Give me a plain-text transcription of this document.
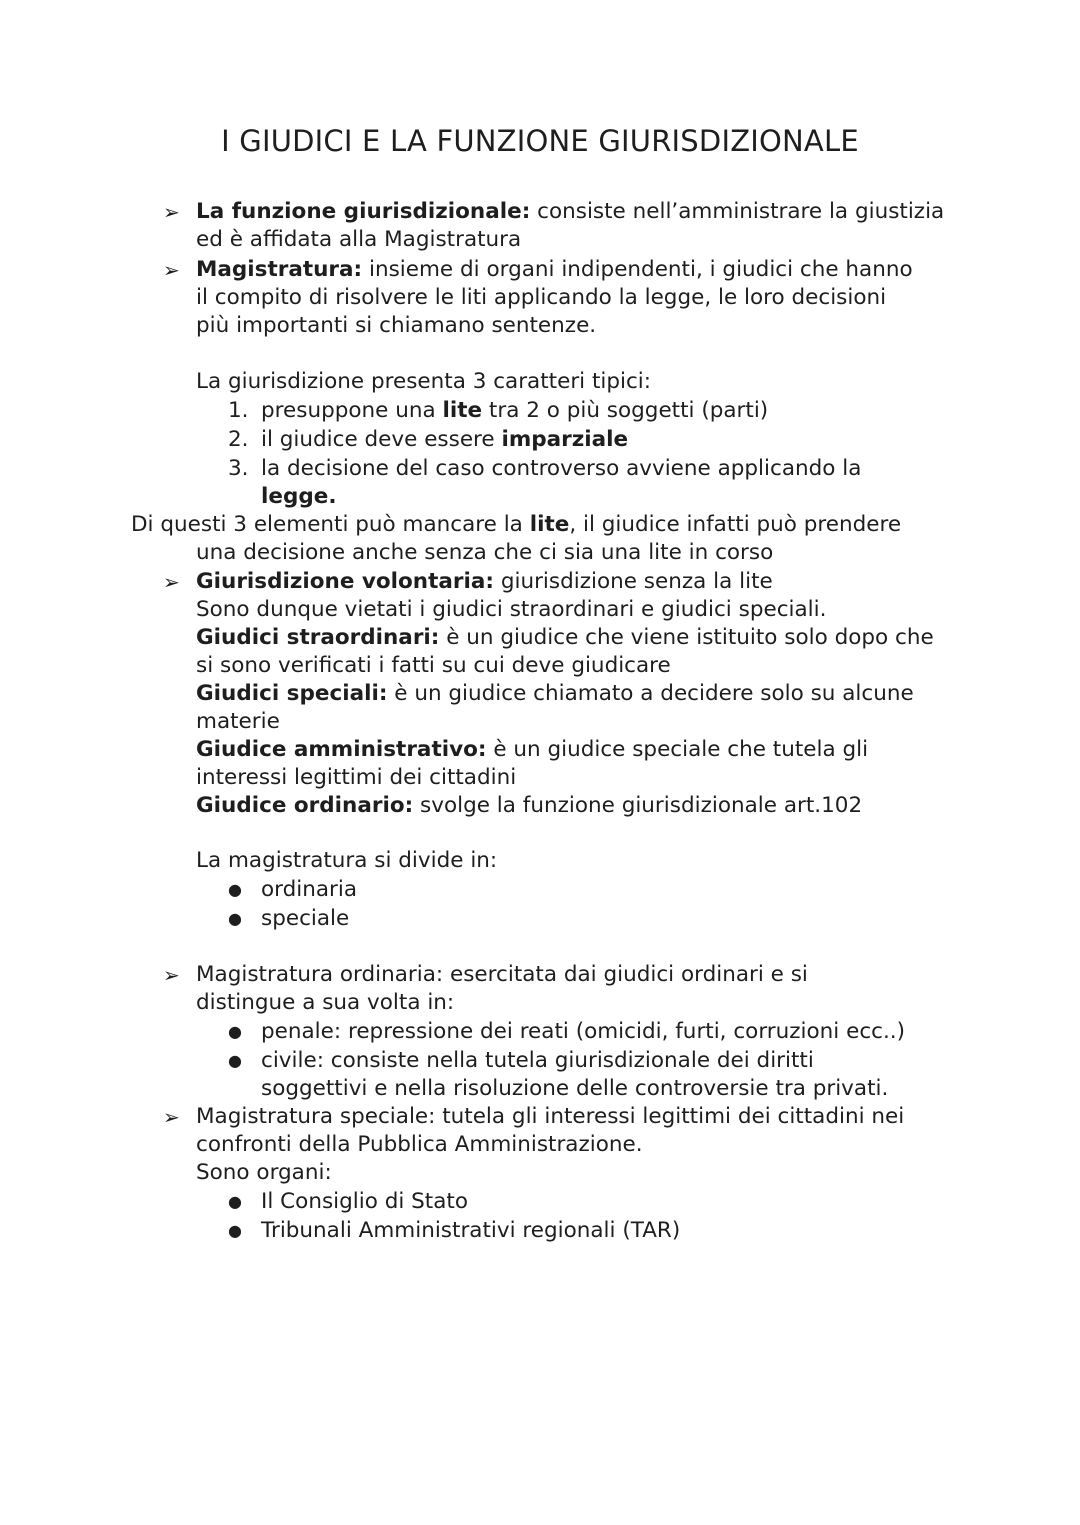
I GIUDICI E LA FUNZIONE GIURISDIZIONALE
➢ La funzione giurisdizionale: consiste nell’amministrare la giustizia

ed è affidata alla Magistratura

➢ Magistratura: insieme di organi indipendenti, i giudici che hanno

il compito di risolvere le liti applicando la legge, le loro decisioni

più importanti si chiamano sentenze.

La giurisdizione presenta 3 caratteri tipici:

1. presuppone una lite tra 2 o più soggetti (parti)

2. il giudice deve essere imparziale

3. la decisione del caso controverso avviene applicando la

legge.

Di questi 3 elementi può mancare la lite, il giudice infatti può prendere

una decisione anche senza che ci sia una lite in corso

➢ Giurisdizione volontaria: giurisdizione senza la lite

Sono dunque vietati i giudici straordinari e giudici speciali.

Giudici straordinari: è un giudice che viene istituito solo dopo che

si sono verificati i fatti su cui deve giudicare

Giudici speciali: è un giudice chiamato a decidere solo su alcune

materie

Giudice amministrativo: è un giudice speciale che tutela gli

interessi legittimi dei cittadini

Giudice ordinario: svolge la funzione giurisdizionale art.102

La magistratura si divide in:

● ordinaria

● speciale

➢ Magistratura ordinaria: esercitata dai giudici ordinari e si

distingue a sua volta in:

● penale: repressione dei reati (omicidi, furti, corruzioni ecc..)

● civile: consiste nella tutela giurisdizionale dei diritti

soggettivi e nella risoluzione delle controversie tra privati.

➢ Magistratura speciale: tutela gli interessi legittimi dei cittadini nei

confronti della Pubblica Amministrazione.

Sono organi:

● Il Consiglio di Stato

● Tribunali Amministrativi regionali (TAR)
